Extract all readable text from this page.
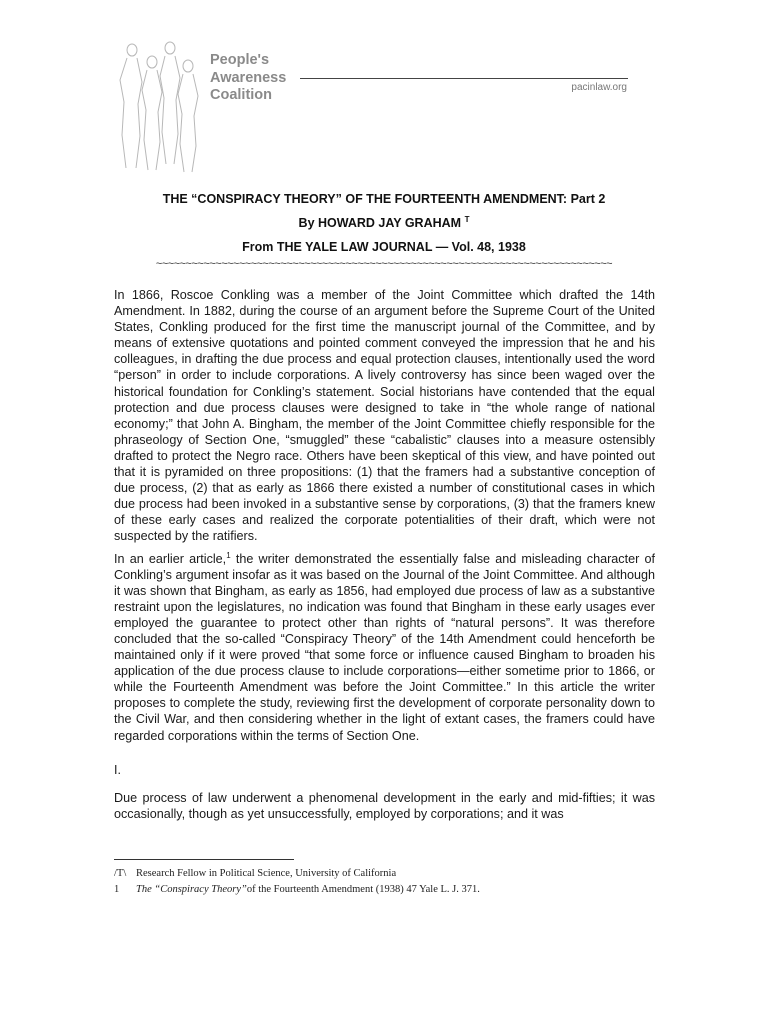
People's
Awareness
Coalition	pacinlaw.org
THE “CONSPIRACY THEORY” OF THE FOURTEENTH AMENDMENT: Part 2
By HOWARD JAY GRAHAM $^T$
From THE YALE LAW JOURNAL — Vol. 48, 1938
~~~~~~~~~~~~~~~~~~~~~~~~~~~~~~~~~~~~~~~~~~~~~~~~~~~~~~~~~~~~~~~~~~~~~~~~~~~~~

In 1866, Roscoe Conkling was a member of the Joint Committee which drafted the 14th Amendment. In 1882, during the course of an argument before the Supreme Court of the United States, Conkling produced for the first time the manuscript journal of the Committee, and by means of extensive quotations and pointed comment conveyed the impression that he and his colleagues, in drafting the due process and equal protection clauses, intentionally used the word “person” in order to include corporations. A lively controversy has since been waged over the historical foundation for Conkling’s statement. Social historians have contended that the equal protection and due process clauses were designed to take in “the whole range of national economy;” that John A. Bingham, the member of the Joint Committee chiefly responsible for the phraseology of Section One, “smuggled” these “cabalistic” clauses into a measure ostensibly drafted to protect the Negro race. Others have been skeptical of this view, and have pointed out that it is pyramided on three propositions: (1) that the framers had a substantive conception of due process, (2) that as early as 1866 there existed a number of constitutional cases in which due process had been invoked in a substantive sense by corporations, (3) that the framers knew of these early cases and realized the corporate potentialities of their draft, which were not suspected by the ratifiers.

In an earlier article,$^1$ the writer demonstrated the essentially false and misleading character of Conkling’s argument insofar as it was based on the Journal of the Joint Committee. And although it was shown that Bingham, as early as 1856, had employed due process of law as a substantive restraint upon the legislatures, no indication was found that Bingham in these early usages ever employed the guarantee to protect other than rights of “natural persons”. It was therefore concluded that the so-called “Conspiracy Theory” of the 14th Amendment could henceforth be maintained only if it were proved “that some force or influence caused Bingham to broaden his application of the due process clause to include corporations—either sometime prior to 1866, or while the Fourteenth Amendment was before the Joint Committee.” In this article the writer proposes to complete the study, reviewing first the development of corporate personality down to the Civil War, and then considering whether in the light of extant cases, the framers could have regarded corporations within the terms of Section One.

I.

Due process of law underwent a phenomenal development in the early and mid-fifties; it was occasionally, though as yet unsuccessfully, employed by corporations; and it was

/T\ Research Fellow in Political Science, University of California
1	The “Conspiracy Theory”of the Fourteenth Amendment (1938) 47 Yale L. J. 371.
